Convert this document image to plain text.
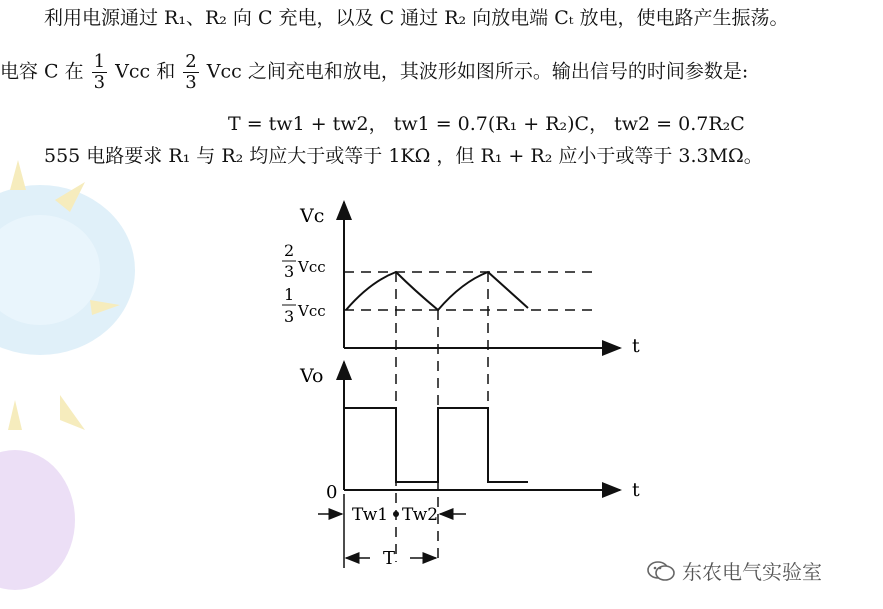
利用电源通过 R₁、R₂ 向 C 充电，以及 C 通过 R₂ 向放电端 Cₜ 放电，使电路产生振荡。
电容 C 在 $\frac{1}{3}$ Vcc 和 $\frac{2}{3}$ Vcc 之间充电和放电，其波形如图所示。输出信号的时间参数是:
T = tw1 + tw2， tw1 = 0.7(R₁ + R₂)C， tw2 = 0.7R₂C
555 电路要求 R₁ 与 R₂ 均应大于或等于 1KΩ ，但 R₁ + R₂ 应小于或等于 3.3MΩ。
Vc
t
2
3 Vcc
1
3 Vcc
Vo
t
0
Tw1 Tw2
T
东农电气实验室
